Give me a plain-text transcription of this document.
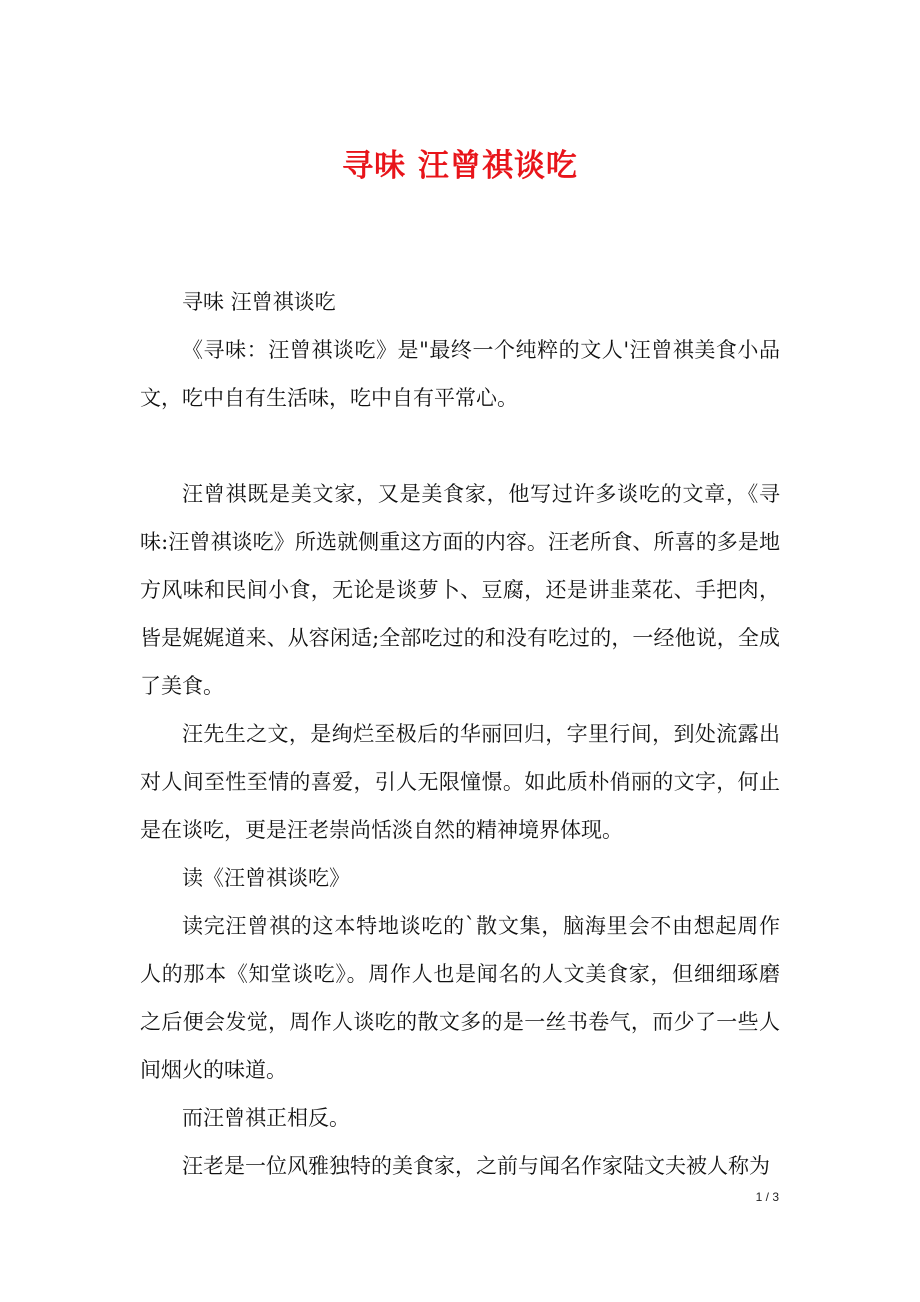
寻味 汪曾祺谈吃

寻味 汪曾祺谈吃

《寻味：汪曾祺谈吃》是"最终一个纯粹的文人'汪曾祺美食小品文，吃中自有生活味，吃中自有平常心。

汪曾祺既是美文家，又是美食家，他写过许多谈吃的文章，《寻味:汪曾祺谈吃》所选就侧重这方面的内容。汪老所食、所喜的多是地方风味和民间小食，无论是谈萝卜、豆腐，还是讲韭菜花、手把肉，皆是娓娓道来、从容闲适;全部吃过的和没有吃过的，一经他说，全成了美食。

汪先生之文，是绚烂至极后的华丽回归，字里行间，到处流露出对人间至性至情的喜爱，引人无限憧憬。如此质朴俏丽的文字，何止是在谈吃，更是汪老崇尚恬淡自然的精神境界体现。

读《汪曾祺谈吃》

读完汪曾祺的这本特地谈吃的`散文集，脑海里会不由想起周作人的那本《知堂谈吃》。周作人也是闻名的人文美食家，但细细琢磨之后便会发觉，周作人谈吃的散文多的是一丝书卷气，而少了一些人间烟火的味道。

而汪曾祺正相反。

汪老是一位风雅独特的美食家，之前与闻名作家陆文夫被人称为

1 / 3
